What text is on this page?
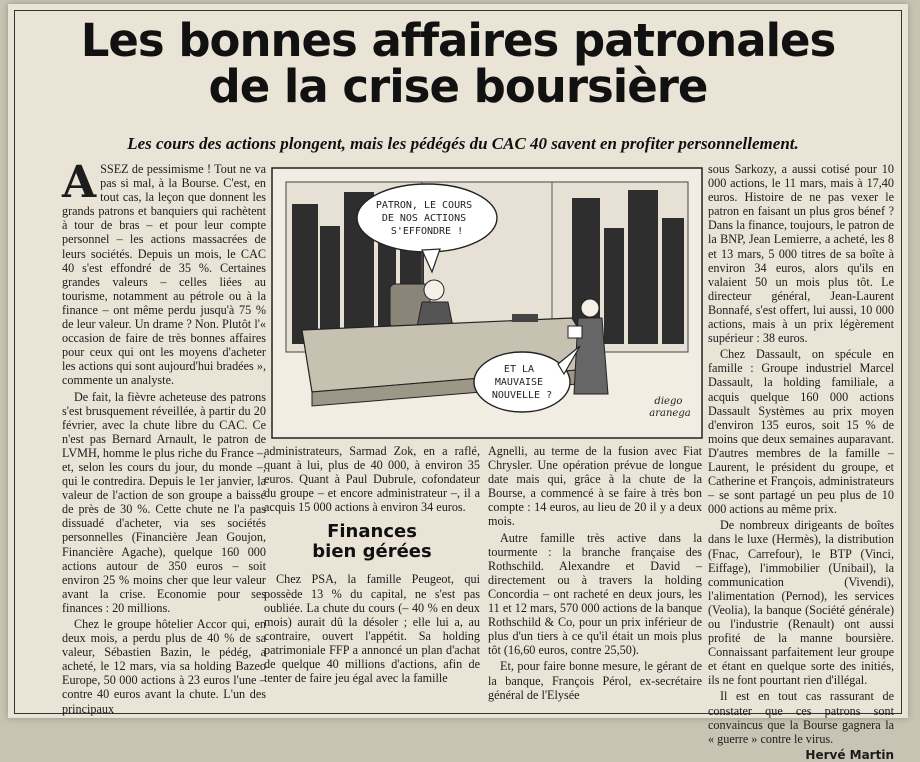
Les bonnes affaires patronales
de la crise boursière

Les cours des actions plongent, mais les pédégés du CAC 40 savent en profiter personnellement.

ASSEZ de pessimisme ! Tout ne va pas si mal, à la Bourse. C'est, en tout cas, la leçon que donnent les grands patrons et banquiers qui rachètent à tour de bras – et pour leur compte personnel – les actions massacrées de leurs sociétés. Depuis un mois, le CAC 40 s'est effondré de 35 %. Certaines grandes valeurs – celles liées au tourisme, notamment au pétrole ou à la finance – ont même perdu jusqu'à 75 % de leur valeur. Un drame ? Non. Plutôt l'« occasion de faire de très bonnes affaires pour ceux qui ont les moyens d'acheter les actions qui sont aujourd'hui bradées », commente un analyste.

De fait, la fièvre acheteuse des patrons s'est brusquement réveillée, à partir du 20 février, avec la chute libre du CAC. Ce n'est pas Bernard Arnault, le patron de LVMH, homme le plus riche du France –, et, selon les cours du jour, du monde –, qui le contredira. Depuis le 1er janvier, la valeur de l'action de son groupe a baissé de près de 30 %. Cette chute ne l'a pas dissuadé d'acheter, via ses sociétés personnelles (Financière Jean Goujon, Financière Agache), quelque 160 000 actions autour de 350 euros – soit environ 25 % moins cher que leur valeur avant la crise. Economie pour ses finances : 20 millions.

Chez le groupe hôtelier Accor qui, en deux mois, a perdu plus de 40 % de sa valeur, Sébastien Bazin, le pédég, a acheté, le 12 mars, via sa holding Bazeo Europe, 50 000 actions à 23 euros l'une – contre 40 euros avant la chute. L'un des principaux

PATRON, LE COURS DE NOS ACTIONS S'EFFONDRE !
ET LA MAUVAISE NOUVELLE ?
diego aranega

administrateurs, Sarmad Zok, en a raflé, quant à lui, plus de 40 000, à environ 35 euros. Quant à Paul Dubrule, cofondateur du groupe – et encore administrateur –, il a acquis 15 000 actions à environ 34 euros.

Finances
bien gérées

Chez PSA, la famille Peugeot, qui possède 13 % du capital, ne s'est pas oubliée. La chute du cours (– 40 % en deux mois) aurait dû la désoler ; elle lui a, au contraire, ouvert l'appétit. Sa holding patrimoniale FFP a annoncé un plan d'achat de quelque 40 millions d'actions, afin de tenter de faire jeu égal avec la famille

Agnelli, au terme de la fusion avec Fiat Chrysler. Une opération prévue de longue date mais qui, grâce à la chute de la Bourse, a commencé à se faire à très bon compte : 14 euros, au lieu de 20 il y a deux mois.

Autre famille très active dans la tourmente : la branche française des Rothschild. Alexandre et David – directement ou à travers la holding Concordia – ont racheté en deux jours, les 11 et 12 mars, 570 000 actions de la banque Rothschild & Co, pour un prix inférieur de plus d'un tiers à ce qu'il était un mois plus tôt (16,60 euros, contre 25,50).

Et, pour faire bonne mesure, le gérant de la banque, François Pérol, ex-secrétaire général de l'Elysée

sous Sarkozy, a aussi cotisé pour 10 000 actions, le 11 mars, mais à 17,40 euros. Histoire de ne pas vexer le patron en faisant un plus gros bénef ? Dans la finance, toujours, le patron de la BNP, Jean Lemierre, a acheté, les 8 et 13 mars, 5 000 titres de sa boîte à environ 34 euros, alors qu'ils en valaient 50 un mois plus tôt. Le directeur général, Jean-Laurent Bonnafé, s'est offert, lui aussi, 10 000 actions, mais à un prix légèrement supérieur : 38 euros.

Chez Dassault, on spécule en famille : Groupe industriel Marcel Dassault, la holding familiale, a acquis quelque 160 000 actions Dassault Systèmes au prix moyen d'environ 135 euros, soit 15 % de moins que deux semaines auparavant. D'autres membres de la famille – Laurent, le président du groupe, et Catherine et François, administrateurs – se sont partagé un peu plus de 10 000 actions au même prix.

De nombreux dirigeants de boîtes dans le luxe (Hermès), la distribution (Fnac, Carrefour), le BTP (Vinci, Eiffage), l'immobilier (Unibail), la communication (Vivendi), l'alimentation (Pernod), les services (Veolia), la banque (Société générale) ou l'industrie (Renault) ont aussi profité de la manne boursière. Connaissant parfaitement leur groupe et étant en quelque sorte des initiés, ils ne font pourtant rien d'illégal.

Il est en tout cas rassurant de constater que ces patrons sont convaincus que la Bourse gagnera la « guerre » contre le virus.

Hervé Martin
